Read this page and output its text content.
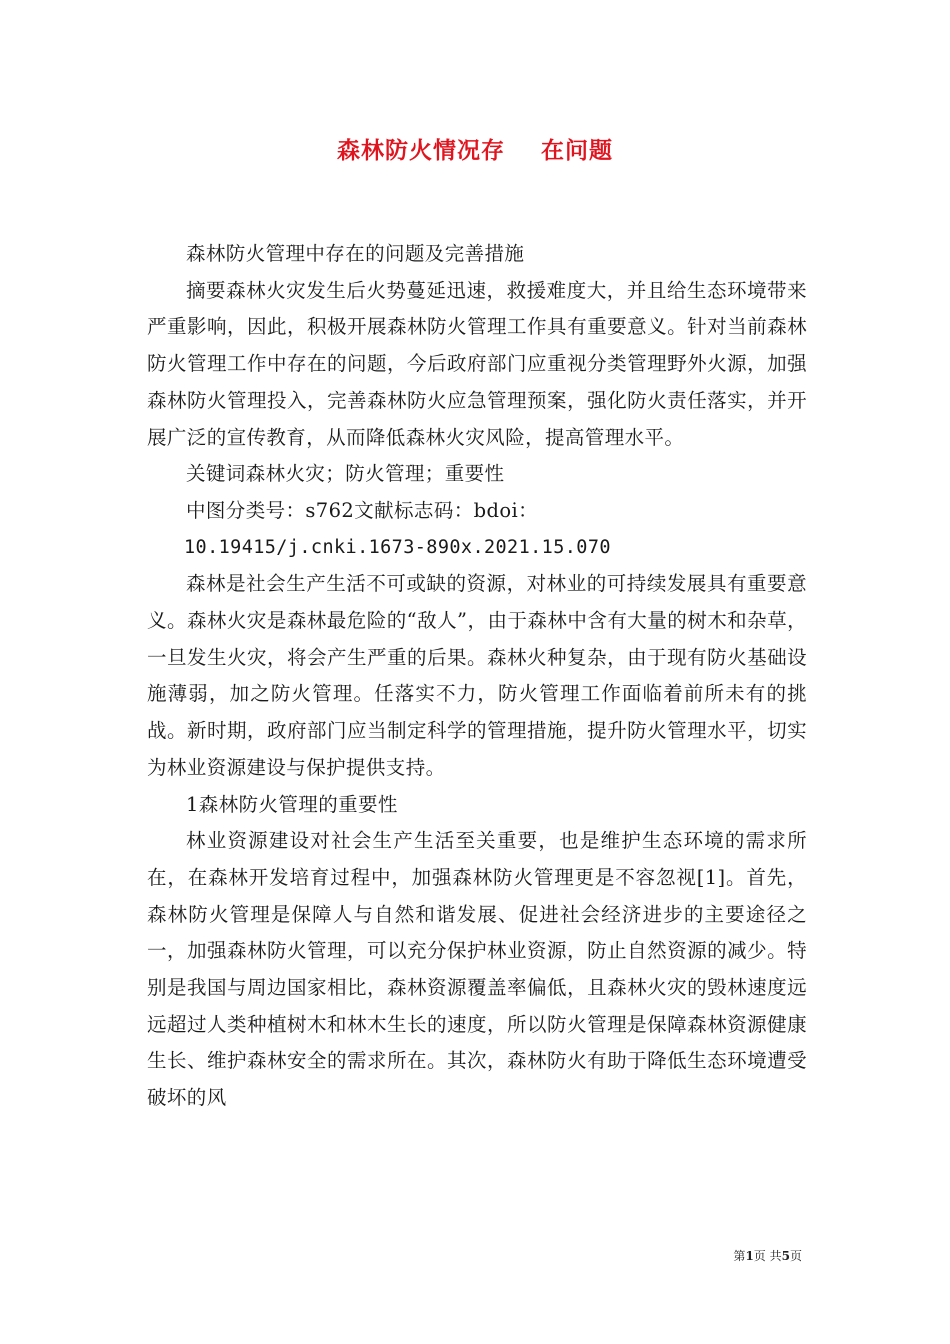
森林防火情况存    在问题

森林防火管理中存在的问题及完善措施

摘要森林火灾发生后火势蔓延迅速，救援难度大，并且给生态环境带来严重影响，因此，积极开展森林防火管理工作具有重要意义。针对当前森林防火管理工作中存在的问题，今后政府部门应重视分类管理野外火源，加强森林防火管理投入，完善森林防火应急管理预案，强化防火责任落实，并开展广泛的宣传教育，从而降低森林火灾风险，提高管理水平。

关键词森林火灾；防火管理；重要性

中图分类号：s762文献标志码：bdoi：

10.19415/j.cnki.1673-890x.2021.15.070

森林是社会生产生活不可或缺的资源，对林业的可持续发展具有重要意义。森林火灾是森林最危险的“敌人”，由于森林中含有大量的树木和杂草，一旦发生火灾，将会产生严重的后果。森林火种复杂，由于现有防火基础设施薄弱，加之防火管理。任落实不力，防火管理工作面临着前所未有的挑战。新时期，政府部门应当制定科学的管理措施，提升防火管理水平，切实为林业资源建设与保护提供支持。

1森林防火管理的重要性

林业资源建设对社会生产生活至关重要，也是维护生态环境的需求所在，在森林开发培育过程中，加强森林防火管理更是不容忽视[1]。首先，森林防火管理是保障人与自然和谐发展、促进社会经济进步的主要途径之一，加强森林防火管理，可以充分保护林业资源，防止自然资源的减少。特别是我国与周边国家相比，森林资源覆盖率偏低，且森林火灾的毁林速度远远超过人类种植树木和林木生长的速度，所以防火管理是保障森林资源健康生长、维护森林安全的需求所在。其次，森林防火有助于降低生态环境遭受破坏的风

第1页 共5页
